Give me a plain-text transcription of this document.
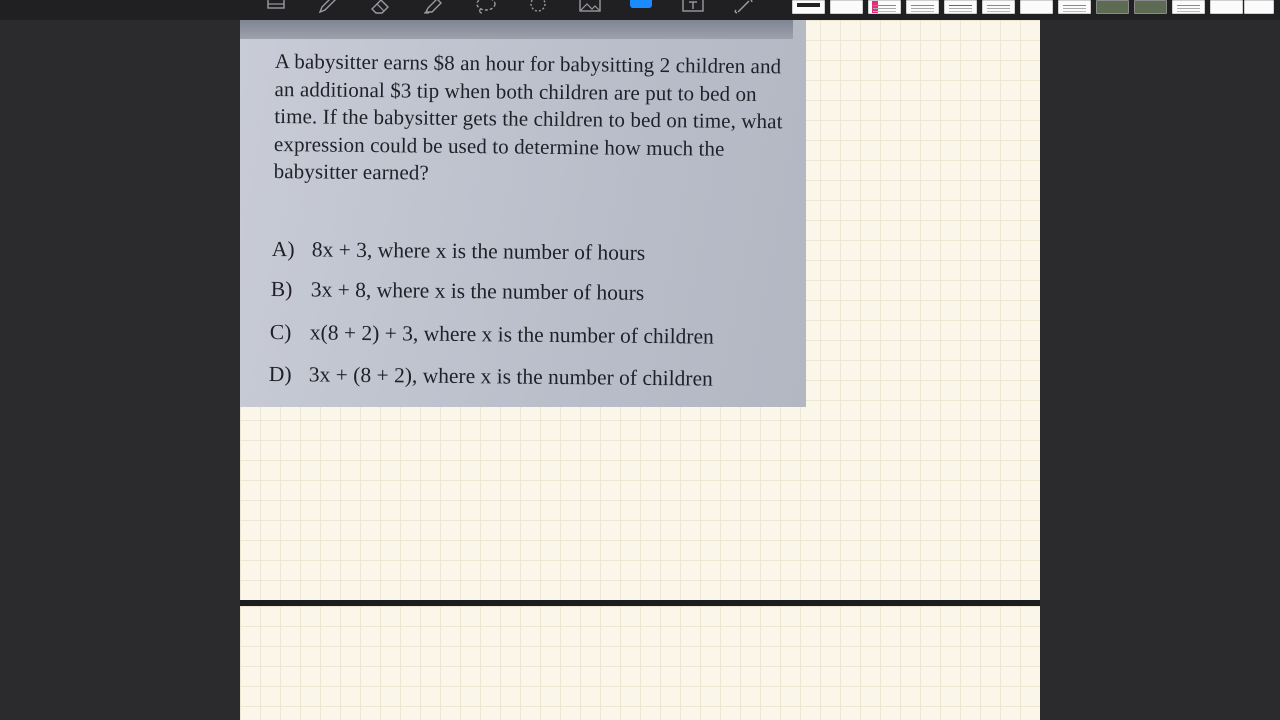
A babysitter earns $8 an hour for babysitting 2 children and an additional $3 tip when both children are put to bed on time. If the babysitter gets the children to bed on time, what expression could be used to determine how much the babysitter earned?

A) 8x + 3, where x is the number of hours

B) 3x + 8, where x is the number of hours

C) x(8 + 2) + 3, where x is the number of children

D) 3x + (8 + 2), where x is the number of children
